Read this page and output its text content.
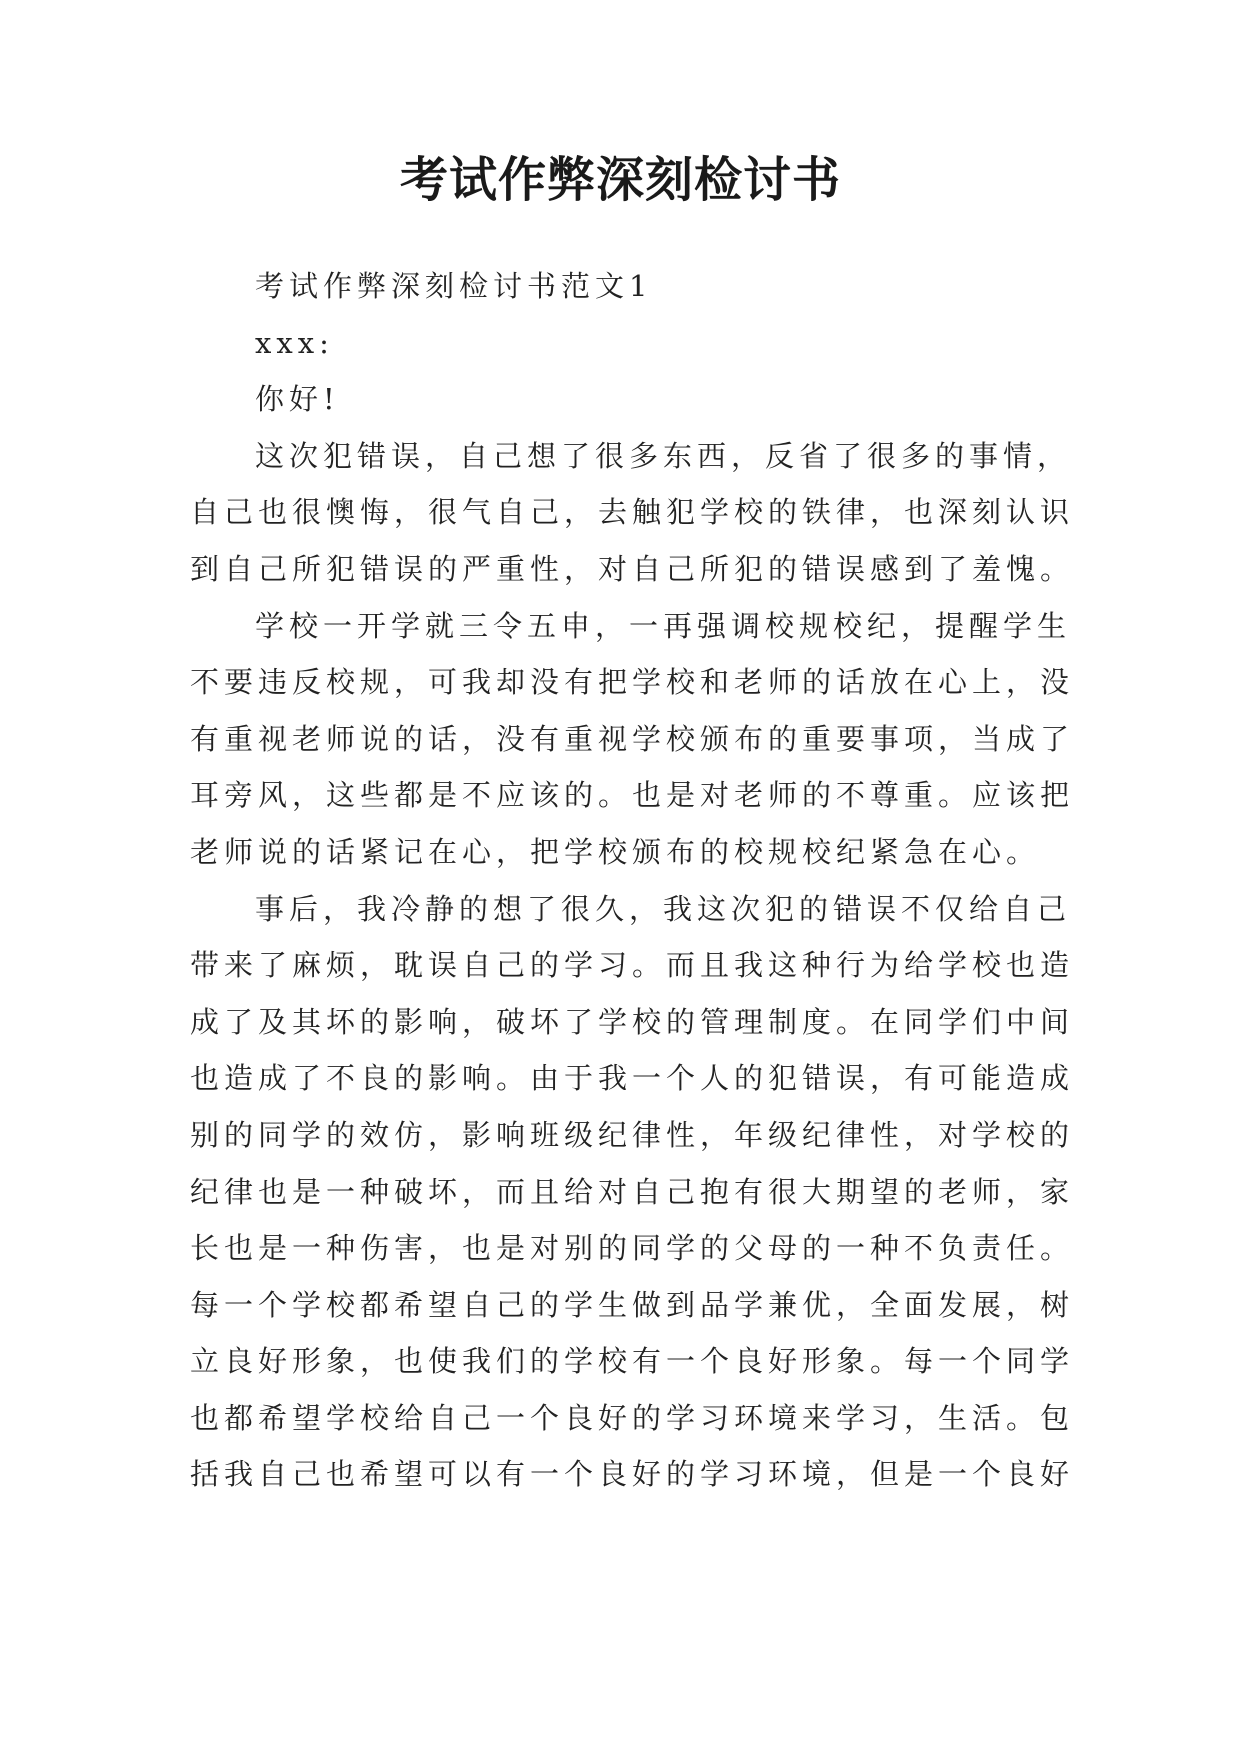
考试作弊深刻检讨书

考试作弊深刻检讨书范文1

xxx:

你好!

这次犯错误，自己想了很多东西，反省了很多的事情，

自己也很懊悔，很气自己，去触犯学校的铁律，也深刻认识

到自己所犯错误的严重性，对自己所犯的错误感到了羞愧。

学校一开学就三令五申，一再强调校规校纪，提醒学生

不要违反校规，可我却没有把学校和老师的话放在心上，没

有重视老师说的话，没有重视学校颁布的重要事项，当成了

耳旁风，这些都是不应该的。也是对老师的不尊重。应该把

老师说的话紧记在心，把学校颁布的校规校纪紧急在心。

事后，我冷静的想了很久，我这次犯的错误不仅给自己

带来了麻烦，耽误自己的学习。而且我这种行为给学校也造

成了及其坏的影响，破坏了学校的管理制度。在同学们中间

也造成了不良的影响。由于我一个人的犯错误，有可能造成

别的同学的效仿，影响班级纪律性，年级纪律性，对学校的

纪律也是一种破坏，而且给对自己抱有很大期望的老师，家

长也是一种伤害，也是对别的同学的父母的一种不负责任。

每一个学校都希望自己的学生做到品学兼优，全面发展，树

立良好形象，也使我们的学校有一个良好形象。每一个同学

也都希望学校给自己一个良好的学习环境来学习，生活。包

括我自己也希望可以有一个良好的学习环境，但是一个良好
